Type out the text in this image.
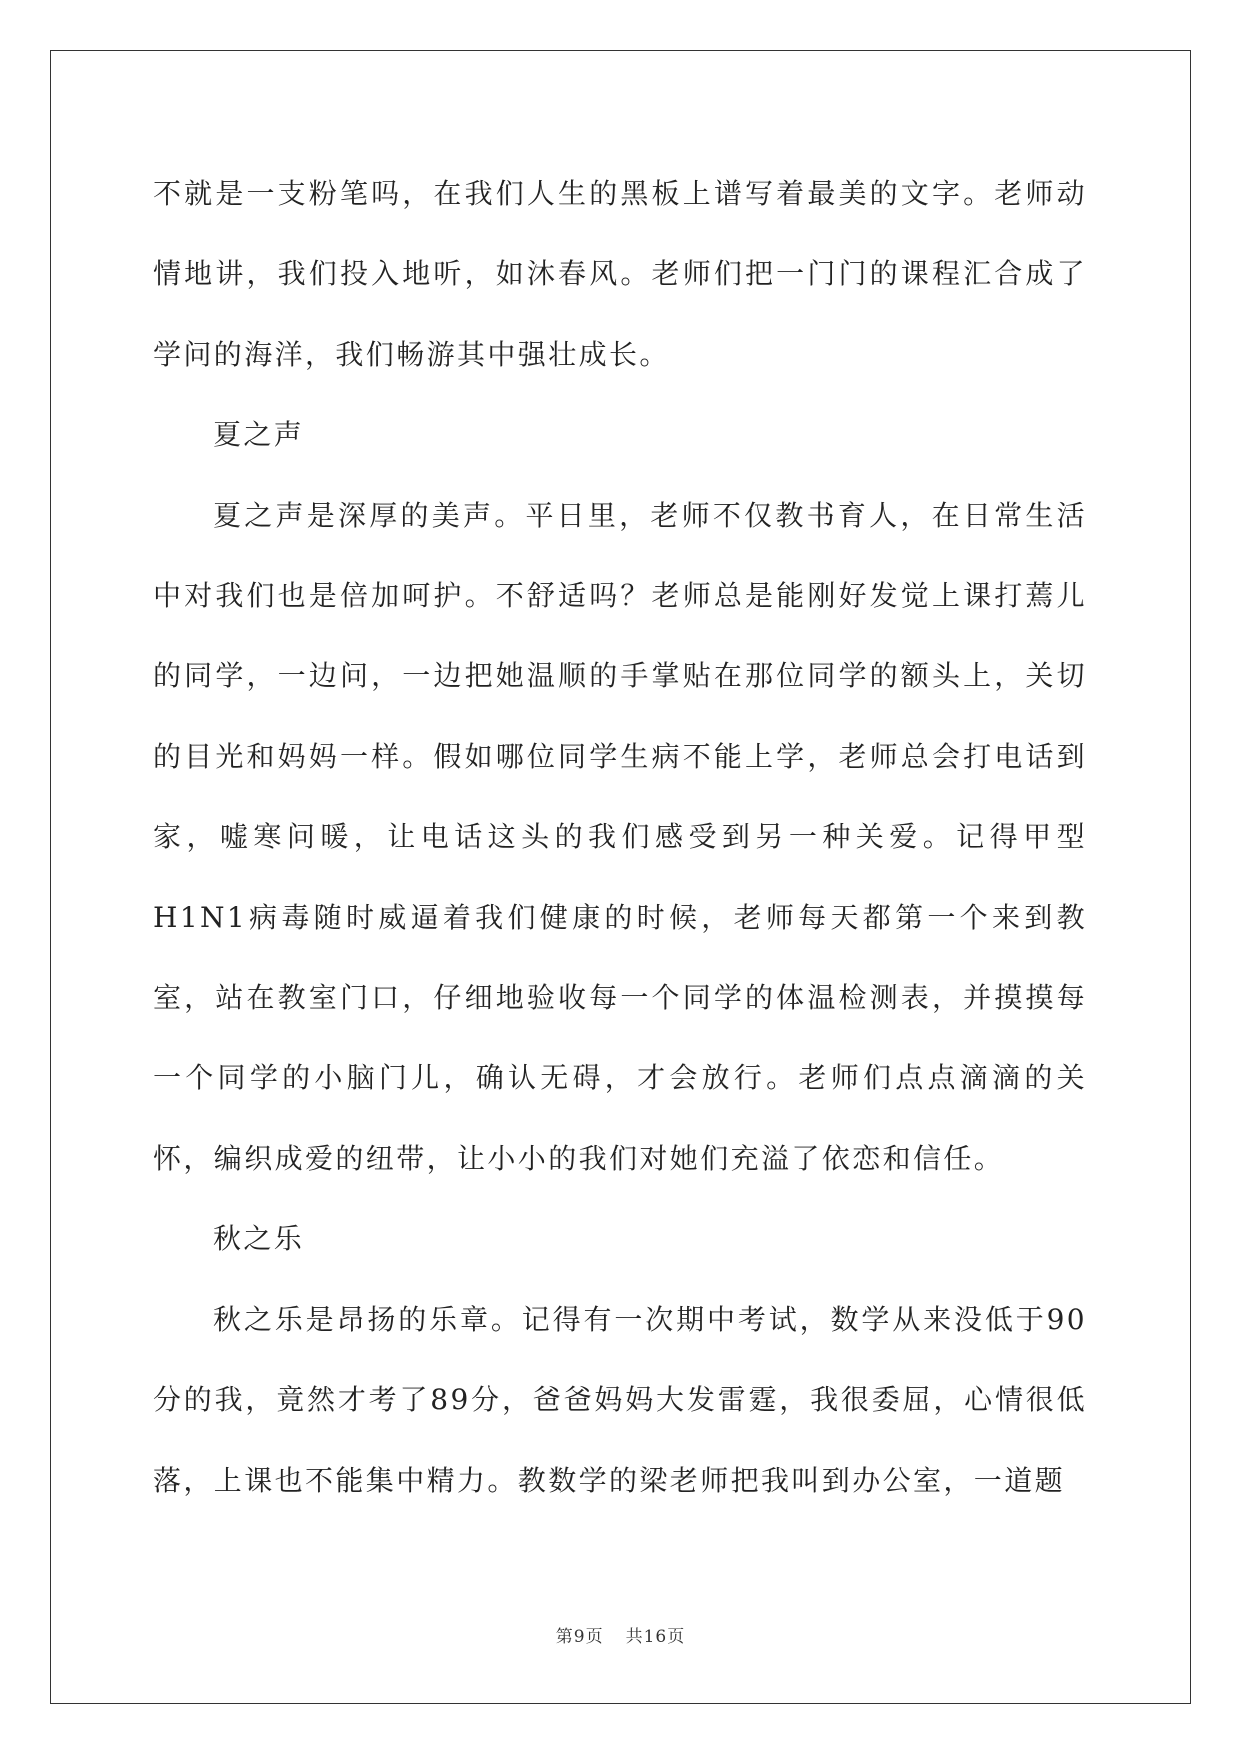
不就是一支粉笔吗，在我们人生的黑板上谱写着最美的文字。老师动情地讲，我们投入地听，如沐春风。老师们把一门门的课程汇合成了学问的海洋，我们畅游其中强壮成长。

夏之声

夏之声是深厚的美声。平日里，老师不仅教书育人，在日常生活中对我们也是倍加呵护。不舒适吗？老师总是能刚好发觉上课打蔫儿的同学，一边问，一边把她温顺的手掌贴在那位同学的额头上，关切的目光和妈妈一样。假如哪位同学生病不能上学，老师总会打电话到家，嘘寒问暖，让电话这头的我们感受到另一种关爱。记得甲型H1N1病毒随时威逼着我们健康的时候，老师每天都第一个来到教室，站在教室门口，仔细地验收每一个同学的体温检测表，并摸摸每一个同学的小脑门儿，确认无碍，才会放行。老师们点点滴滴的关怀，编织成爱的纽带，让小小的我们对她们充溢了依恋和信任。

秋之乐

秋之乐是昂扬的乐章。记得有一次期中考试，数学从来没低于90分的我，竟然才考了89分，爸爸妈妈大发雷霆，我很委屈，心情很低落，上课也不能集中精力。教数学的梁老师把我叫到办公室，一道题

第9页 共16页
